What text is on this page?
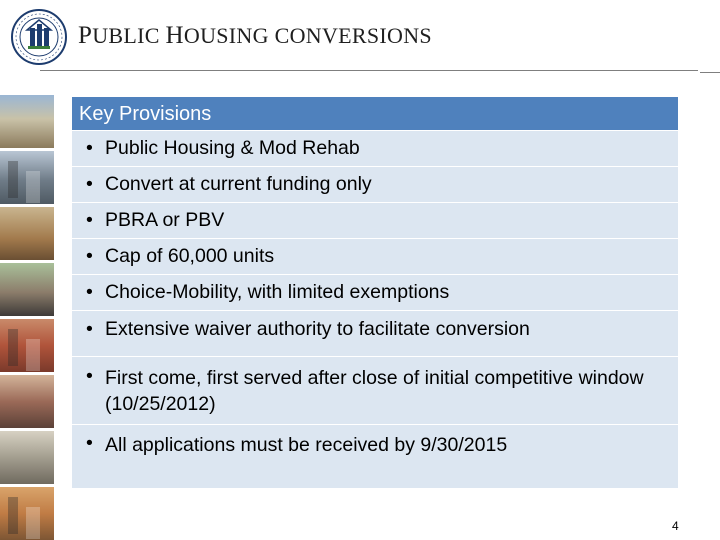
PUBLIC HOUSING CONVERSIONS
Key Provisions
• Public Housing & Mod Rehab
• Convert at current funding only
• PBRA or PBV
• Cap of 60,000 units
• Choice-Mobility, with limited exemptions
• Extensive waiver authority to facilitate conversion
• First come, first served after close of initial competitive window (10/25/2012)
• All applications must be received by 9/30/2015
4
